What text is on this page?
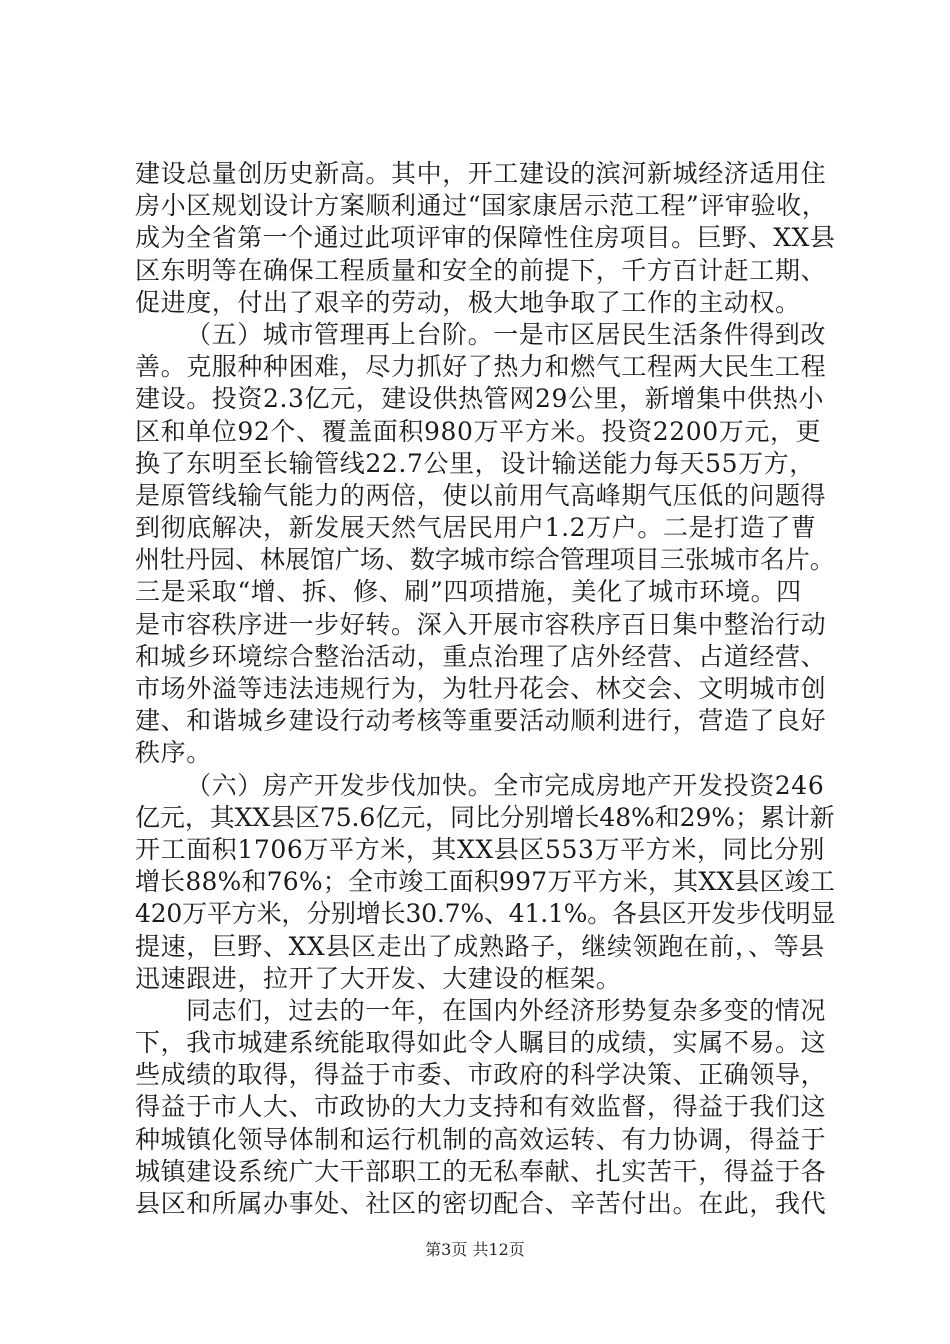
建设总量创历史新高。其中，开工建设的滨河新城经济适用住
房小区规划设计方案顺利通过“国家康居示范工程”评审验收，
成为全省第一个通过此项评审的保障性住房项目。巨野、XX县
区东明等在确保工程质量和安全的前提下，千方百计赶工期、
促进度，付出了艰辛的劳动，极大地争取了工作的主动权。
（五）城市管理再上台阶。一是市区居民生活条件得到改
善。克服种种困难，尽力抓好了热力和燃气工程两大民生工程
建设。投资2.3亿元，建设供热管网29公里，新增集中供热小
区和单位92个、覆盖面积980万平方米。投资2200万元，更
换了东明至长输管线22.7公里，设计输送能力每天55万方，
是原管线输气能力的两倍，使以前用气高峰期气压低的问题得
到彻底解决，新发展天然气居民用户1.2万户。二是打造了曹
州牡丹园、林展馆广场、数字城市综合管理项目三张城市名片。
三是采取“增、拆、修、刷”四项措施，美化了城市环境。四
是市容秩序进一步好转。深入开展市容秩序百日集中整治行动
和城乡环境综合整治活动，重点治理了店外经营、占道经营、
市场外溢等违法违规行为，为牡丹花会、林交会、文明城市创
建、和谐城乡建设行动考核等重要活动顺利进行，营造了良好
秩序。
（六）房产开发步伐加快。全市完成房地产开发投资246
亿元，其XX县区75.6亿元，同比分别增长48%和29%；累计新
开工面积1706万平方米，其XX县区553万平方米，同比分别
增长88%和76%；全市竣工面积997万平方米，其XX县区竣工
420万平方米，分别增长30.7%、41.1%。各县区开发步伐明显
提速，巨野、XX县区走出了成熟路子，继续领跑在前，、等县
迅速跟进，拉开了大开发、大建设的框架。
同志们，过去的一年，在国内外经济形势复杂多变的情况
下，我市城建系统能取得如此令人瞩目的成绩，实属不易。这
些成绩的取得，得益于市委、市政府的科学决策、正确领导，
得益于市人大、市政协的大力支持和有效监督，得益于我们这
种城镇化领导体制和运行机制的高效运转、有力协调，得益于
城镇建设系统广大干部职工的无私奉献、扎实苦干，得益于各
县区和所属办事处、社区的密切配合、辛苦付出。在此，我代
第3页 共12页
